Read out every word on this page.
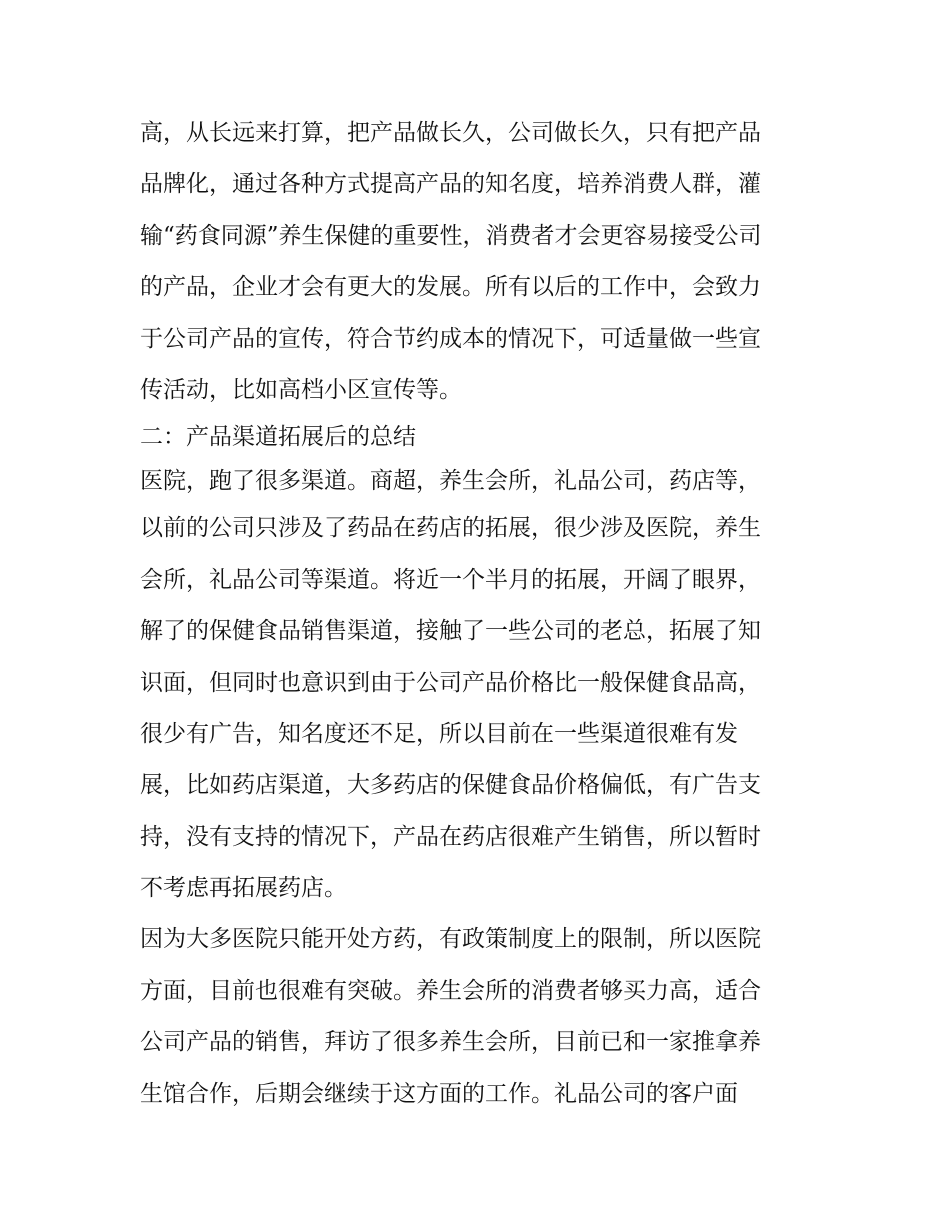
高，从长远来打算，把产品做长久，公司做长久，只有把产品
品牌化，通过各种方式提高产品的知名度，培养消费人群，灌
输“药食同源”养生保健的重要性，消费者才会更容易接受公司
的产品，企业才会有更大的发展。所有以后的工作中，会致力
于公司产品的宣传，符合节约成本的情况下，可适量做一些宣
传活动，比如高档小区宣传等。
二：产品渠道拓展后的总结
医院，跑了很多渠道。商超，养生会所，礼品公司，药店等，
以前的公司只涉及了药品在药店的拓展，很少涉及医院，养生
会所，礼品公司等渠道。将近一个半月的拓展，开阔了眼界，
解了的保健食品销售渠道，接触了一些公司的老总，拓展了知
识面，但同时也意识到由于公司产品价格比一般保健食品高，
很少有广告，知名度还不足，所以目前在一些渠道很难有发
展，比如药店渠道，大多药店的保健食品价格偏低，有广告支
持，没有支持的情况下，产品在药店很难产生销售，所以暂时
不考虑再拓展药店。
因为大多医院只能开处方药，有政策制度上的限制，所以医院
方面，目前也很难有突破。养生会所的消费者够买力高，适合
公司产品的销售，拜访了很多养生会所，目前已和一家推拿养
生馆合作，后期会继续于这方面的工作。礼品公司的客户面
